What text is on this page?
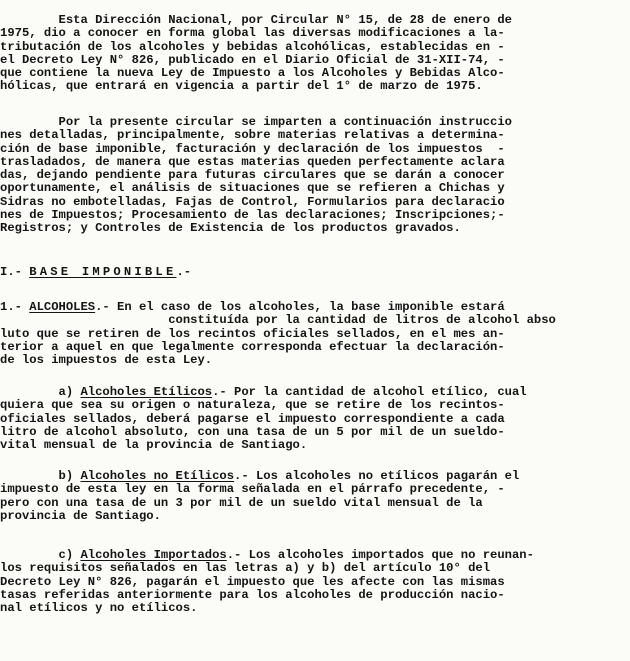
Esta Dirección Nacional, por Circular N° 15, de 28 de enero de
1975, dio a conocer en forma global las diversas modificaciones a la-
tributación de los alcoholes y bebidas alcohólicas, establecidas en -
el Decreto Ley N° 826, publicado en el Diario Oficial de 31-XII-74, -
que contiene la nueva Ley de Impuesto a los Alcoholes y Bebidas Alco-
hólicas, que entrará en vigencia a partir del 1° de marzo de 1975.
Por la presente circular se imparten a continuación instruccio
nes detalladas, principalmente, sobre materias relativas a determina-
ción de base imponible, facturación y declaración de los impuestos  -
trasladados, de manera que estas materias queden perfectamente aclara
das, dejando pendiente para futuras circulares que se darán a conocer
oportunamente, el análisis de situaciones que se refieren a Chichas y
Sidras no embotelladas, Fajas de Control, Formularios para declaracio
nes de Impuestos; Procesamiento de las declaraciones; Inscripciones;-
Registros; y Controles de Existencia de los productos gravados.
I.- BASE IMPONIBLE.-
1.- ALCOHOLES.- En el caso de los alcoholes, la base imponible estará
constituída por la cantidad de litros de alcohol abso
luto que se retiren de los recintos oficiales sellados, en el mes an-
terior a aquel en que legalmente corresponda efectuar la declaración-
de los impuestos de esta Ley.
a) Alcoholes Etílicos.- Por la cantidad de alcohol etílico, cual
quiera que sea su origen o naturaleza, que se retire de los recintos-
oficiales sellados, deberá pagarse el impuesto correspondiente a cada
litro de alcohol absoluto, con una tasa de un 5 por mil de un sueldo-
vital mensual de la provincia de Santiago.
b) Alcoholes no Etílicos.- Los alcoholes no etílicos pagarán el
impuesto de esta ley en la forma señalada en el párrafo precedente, -
pero con una tasa de un 3 por mil de un sueldo vital mensual de la
provincia de Santiago.
c) Alcoholes Importados.- Los alcoholes importados que no reunan-
los requisitos señalados en las letras a) y b) del artículo 10° del
Decreto Ley N° 826, pagarán el impuesto que les afecte con las mismas
tasas referidas anteriormente para los alcoholes de producción nacio-
nal etílicos y no etílicos.
